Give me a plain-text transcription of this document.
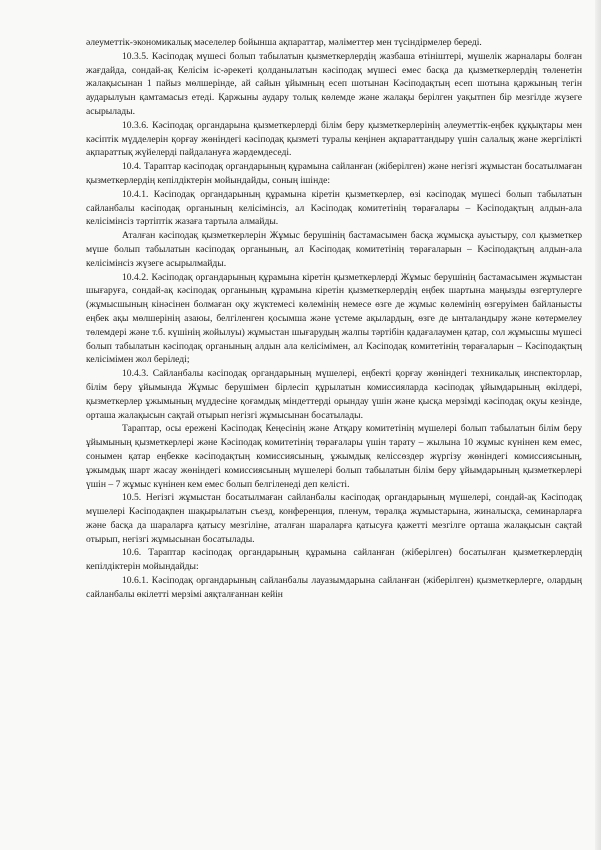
әлеуметтік-экономикалық мәселелер бойынша ақпараттар, мәліметтер мен түсіндірмелер береді.

10.3.5. Кәсіподақ мүшесі болып табылатын қызметкерлердің жазбаша өтініштері, мүшелік жарналары болған жағдайда, сондай-ақ Келісім іс-әрекеті қолданылатын кәсіподақ мүшесі емес басқа да қызметкерлердің төленетін жалақысынан 1 пайыз мөлшерінде, ай сайын ұйымның есеп шотынан Кәсіподақтың есеп шотына қаржының тегін аударылуын қамтамасыз етеді. Қаржыны аудару толық көлемде және жалақы берілген уақытпен бір мезгілде жүзеге асырылады.

10.3.6. Кәсіподақ органдарына қызметкерлерді білім беру қызметкерлерінің әлеуметтік-еңбек құқықтары мен кәсіптік мүдделерін қорғау жөніндегі кәсіподақ қызметі туралы кеңінен ақпараттандыру үшін салалық және жергілікті ақпараттық жүйелерді пайдалануға жәрдемдеседі.

10.4. Тараптар кәсіподақ органдарының құрамына сайланған (жіберілген) және негізгі жұмыстан босатылмаған қызметкерлердің кепілдіктерін мойындайды, соның ішінде:

10.4.1. Кәсіподақ органдарының құрамына кіретін қызметкерлер, өзі кәсіподақ мүшесі болып табылатын сайланбалы кәсіподақ органының келісімінсіз, ал Кәсіподақ комитетінің төрағалары – Кәсіподақтың алдын-ала келісімінсіз тәртіптік жазаға тартыла алмайды.

Аталған кәсіподақ қызметкерлерін Жұмыс берушінің бастамасымен басқа жұмысқа ауыстыру, сол қызметкер мүше болып табылатын кәсіподақ органының, ал Кәсіподақ комитетінің төрағаларын – Кәсіподақтың алдын-ала келісімінсіз жүзеге асырылмайды.

10.4.2. Кәсіподақ органдарының құрамына кіретін қызметкерлерді Жұмыс берушінің бастамасымен жұмыстан шығаруға, сондай-ақ кәсіподақ органының құрамына кіретін қызметкерлердің еңбек шартына маңызды өзгертулерге (жұмысшының кінәсінен болмаған оқу жүктемесі көлемінің немесе өзге де жұмыс көлемінің өзгеруімен байланысты еңбек ақы мөлшерінің азаюы, белгіленген қосымша және үстеме ақылардың, өзге де ынталандыру және көтермелеу төлемдері және т.б. күшінің жойылуы) жұмыстан шығарудың жалпы тәртібін қадағалаумен қатар, сол жұмысшы мүшесі болып табылатын кәсіподақ органының алдын ала келісімімен, ал Кәсіподақ комитетінің төрағаларын – Кәсіподақтың келісімімен жол беріледі;

10.4.3. Сайланбалы кәсіподақ органдарының мүшелері, еңбекті қорғау жөніндегі техникалық инспекторлар, білім беру ұйымында Жұмыс берушімен бірлесіп құрылатын комиссияларда кәсіподақ ұйымдарының өкілдері, қызметкерлер ұжымының мүддесіне қоғамдық міндеттерді орындау үшін және қысқа мерзімді кәсіподақ оқуы кезінде, орташа жалақысын сақтай отырып негізгі жұмысынан босатылады.

Тараптар, осы ережені Кәсіподақ Кеңесінің және Атқару комитетінің мүшелері болып табылатын білім беру ұйымының қызметкерлері және Кәсіподақ комитетінің төрағалары үшін тарату – жылына 10 жұмыс күнінен кем емес, сонымен қатар еңбекке кәсіподақтың комиссиясының, ұжымдық келіссөздер жүргізу жөніндегі комиссиясының, ұжымдық шарт жасау жөніндегі комиссиясының мүшелері болып табылатын білім беру ұйымдарының қызметкерлері үшін – 7 жұмыс күнінен кем емес болып белгіленеді деп келісті.

10.5. Негізгі жұмыстан босатылмаған сайланбалы кәсіподақ органдарының мүшелері, сондай-ақ Кәсіподақ мүшелері Кәсіподақпен шақырылатын съезд, конференция, пленум, төралқа жұмыстарына, жиналысқа, семинарларға және басқа да шараларға қатысу мезгіліне, аталған шараларға қатысуға қажетті мезгілге орташа жалақысын сақтай отырып, негізгі жұмысынан босатылады.

10.6. Тараптар кәсіподақ органдарының құрамына сайланған (жіберілген) босатылған қызметкерлердің кепілдіктерін мойындайды:

10.6.1. Кәсіподақ органдарының сайланбалы лауазымдарына сайланған (жіберілген) қызметкерлерге, олардың сайланбалы өкілетті мерзімі аяқталғаннан кейін
